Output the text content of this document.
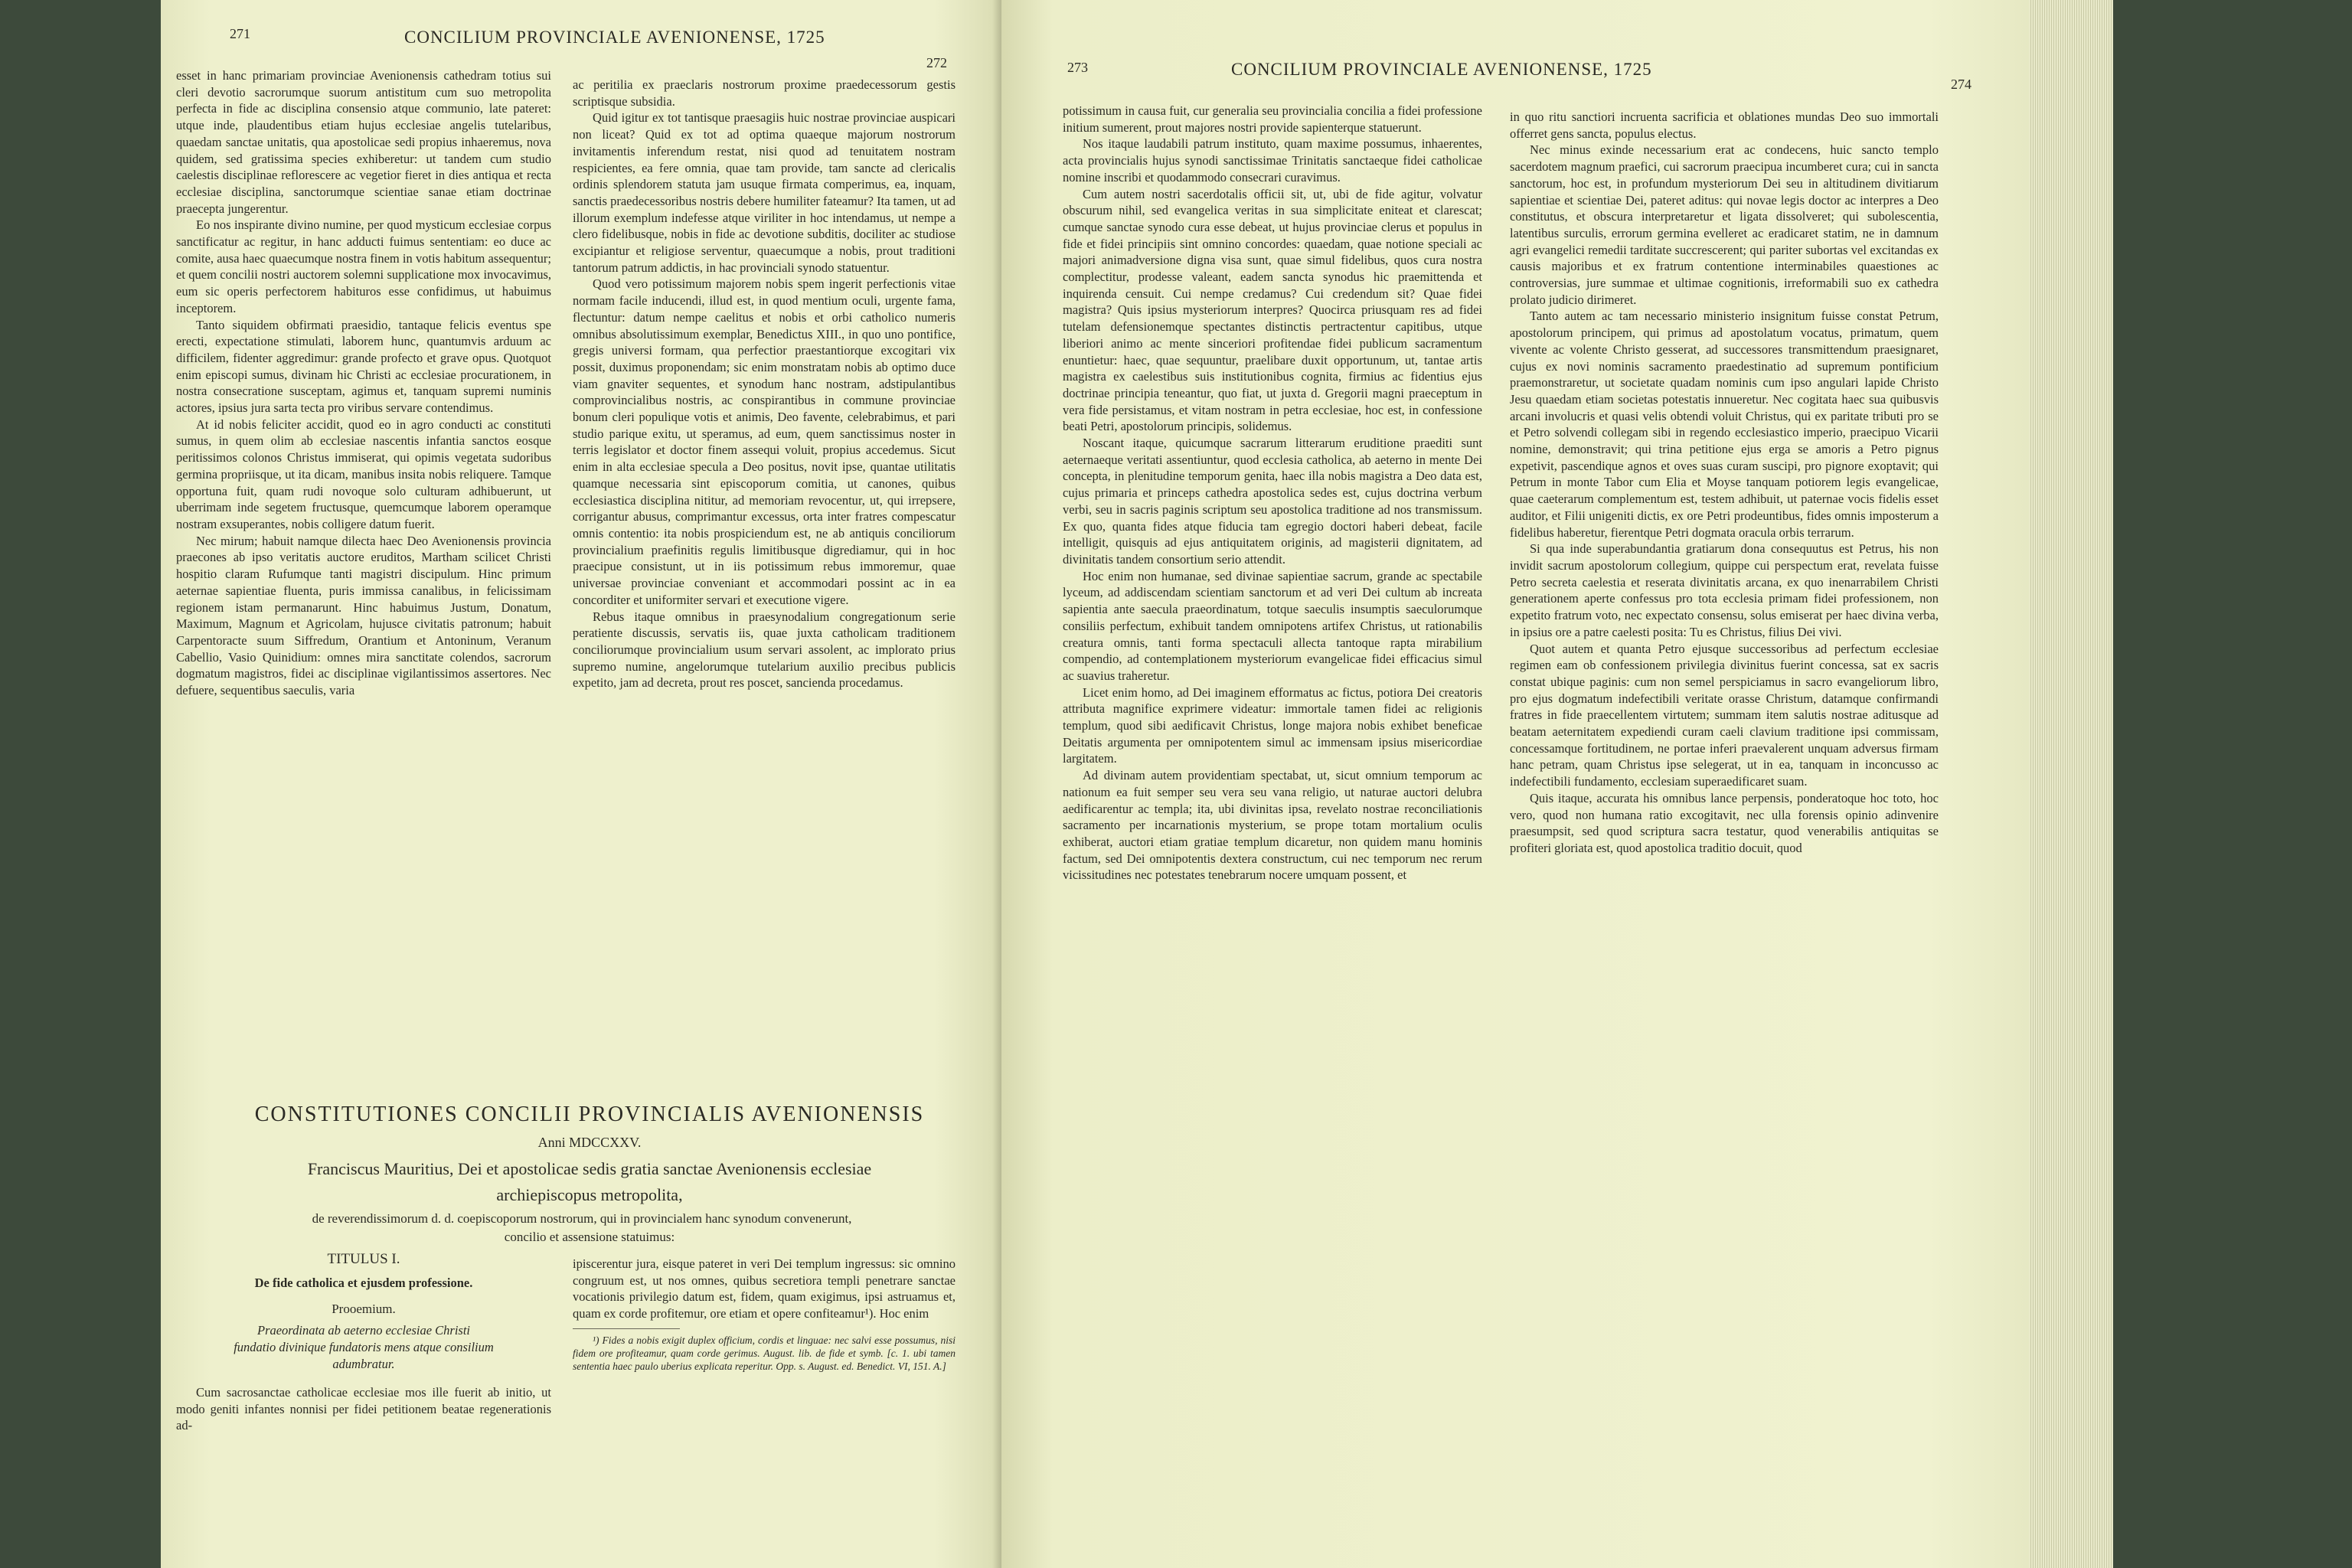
271	CONCILIUM PROVINCIALE AVENIONENSE, 1725
272

esset in hanc primariam provinciae Avenionensis cathedram totius sui cleri devotio sacrorumque suorum antistitum cum suo metropolita perfecta in fide ac disciplina consensio atque communio, late pateret: utque inde, plaudentibus etiam hujus ecclesiae angelis tutelaribus, quaedam sanctae unitatis, qua apostolicae sedi propius inhaeremus, nova quidem, sed gratissima species exhiberetur: ut tandem cum studio caelestis disciplinae reflorescere ac vegetior fieret in dies antiqua et recta ecclesiae disciplina, sanctorumque scientiae sanae etiam doctrinae praecepta jungerentur.

Eo nos inspirante divino numine, per quod mysticum ecclesiae corpus sanctificatur ac regitur, in hanc adducti fuimus sententiam: eo duce ac comite, ausa haec quaecumque nostra finem in votis habitum assequentur; et quem concilii nostri auctorem solemni supplicatione mox invocavimus, eum sic operis perfectorem habituros esse confidimus, ut habuimus inceptorem.

Tanto siquidem obfirmati praesidio, tantaque felicis eventus spe erecti, expectatione stimulati, laborem hunc, quantumvis arduum ac difficilem, fidenter aggredimur: grande profecto et grave opus. Quotquot enim episcopi sumus, divinam hic Christi ac ecclesiae procurationem, in nostra consecratione susceptam, agimus et, tanquam supremi numinis actores, ipsius jura sarta tecta pro viribus servare contendimus.

At id nobis feliciter accidit, quod eo in agro conducti ac constituti sumus, in quem olim ab ecclesiae nascentis infantia sanctos eosque peritissimos colonos Christus immiserat, qui opimis vegetata sudoribus germina propriisque, ut ita dicam, manibus insita nobis reliquere. Tamque opportuna fuit, quam rudi novoque solo culturam adhibuerunt, ut uberrimam inde segetem fructusque, quemcumque laborem operamque nostram exsuperantes, nobis colligere datum fuerit.

Nec mirum; habuit namque dilecta haec Deo Avenionensis provincia praecones ab ipso veritatis auctore eruditos, Martham scilicet Christi hospitio claram Rufumque tanti magistri discipulum. Hinc primum aeternae sapientiae fluenta, puris immissa canalibus, in felicissimam regionem istam permanarunt. Hinc habuimus Justum, Donatum, Maximum, Magnum et Agricolam, hujusce civitatis patronum; habuit Carpentoracte suum Siffredum, Orantium et Antoninum, Veranum Cabellio, Vasio Quinidium: omnes mira sanctitate colendos, sacrorum dogmatum magistros, fidei ac disciplinae vigilantissimos assertores. Nec defuere, sequentibus saeculis, varia

ac peritilia ex praeclaris nostrorum proxime praedecessorum gestis scriptisque subsidia.

Quid igitur ex tot tantisque praesagiis huic nostrae provinciae auspicari non liceat? Quid ex tot ad optima quaeque majorum nostrorum invitamentis inferendum restat, nisi quod ad tenuitatem nostram respicientes, ea fere omnia, quae tam provide, tam sancte ad clericalis ordinis splendorem statuta jam usuque firmata comperimus, ea, inquam, sanctis praedecessoribus nostris debere humiliter fateamur? Ita tamen, ut ad illorum exemplum indefesse atque viriliter in hoc intendamus, ut nempe a clero fidelibusque, nobis in fide ac devotione subditis, dociliter ac studiose excipiantur et religiose serventur, quaecumque a nobis, prout traditioni tantorum patrum addictis, in hac provinciali synodo statuentur.

Quod vero potissimum majorem nobis spem ingerit perfectionis vitae normam facile inducendi, illud est, in quod mentium oculi, urgente fama, flectuntur: datum nempe caelitus et nobis et orbi catholico numeris omnibus absolutissimum exemplar, Benedictus XIII., in quo uno pontifice, gregis universi formam, qua perfectior praestantiorque excogitari vix possit, duximus proponendam; sic enim monstratam nobis ab optimo duce viam gnaviter sequentes, et synodum hanc nostram, adstipulantibus comprovincialibus nostris, ac conspirantibus in commune provinciae bonum cleri populique votis et animis, Deo favente, celebrabimus, et pari studio parique exitu, ut speramus, ad eum, quem sanctissimus noster in terris legislator et doctor finem assequi voluit, propius accedemus. Sicut enim in alta ecclesiae specula a Deo positus, novit ipse, quantae utilitatis quamque necessaria sint episcoporum comitia, ut canones, quibus ecclesiastica disciplina nititur, ad memoriam revocentur, ut, qui irrepsere, corrigantur abusus, comprimantur excessus, orta inter fratres compescatur omnis contentio: ita nobis prospiciendum est, ne ab antiquis conciliorum provincialium praefinitis regulis limitibusque digrediamur, qui in hoc praecipue consistunt, ut in iis potissimum rebus immoremur, quae universae provinciae conveniant et accommodari possint ac in ea concorditer et uniformiter servari et executione vigere.

Rebus itaque omnibus in praesynodalium congregationum serie peratiente discussis, servatis iis, quae juxta catholicam traditionem conciliorumque provincialium usum servari assolent, ac implorato prius supremo numine, angelorumque tutelarium auxilio precibus publicis expetito, jam ad decreta, prout res poscet, sancienda procedamus.

CONSTITUTIONES CONCILII PROVINCIALIS AVENIONENSIS
Anni MDCCXXV.
Franciscus Mauritius, Dei et apostolicae sedis gratia sanctae Avenionensis ecclesiae
archiepiscopus metropolita,
de reverendissimorum d. d. coepiscoporum nostrorum, qui in provincialem hanc synodum convenerunt,
concilio et assensione statuimus:
TITULUS I.
De fide catholica et ejusdem professione.
Prooemium.
Praeordinata ab aeterno ecclesiae Christi
fundatio divinique fundatoris mens atque consilium
adumbratur.

Cum sacrosanctae catholicae ecclesiae mos ille fuerit ab initio, ut modo geniti infantes nonnisi per fidei petitionem beatae regenerationis ad-

ipiscerentur jura, eisque pateret in veri Dei templum ingressus: sic omnino congruum est, ut nos omnes, quibus secretiora templi penetrare sanctae vocationis privilegio datum est, fidem, quam exigimus, ipsi astruamus et, quam ex corde profitemur, ore etiam et opere confiteamur¹). Hoc enim

¹) Fides a nobis exigit duplex officium, cordis et linguae: nec salvi esse possumus, nisi fidem ore profiteamur, quam corde gerimus. August. lib. de fide et symb. [c. 1. ubi tamen sententia haec paulo uberius explicata reperitur. Opp. s. August. ed. Benedict. VI, 151. A.]

273	CONCILIUM PROVINCIALE AVENIONENSE, 1725
274

potissimum in causa fuit, cur generalia seu provincialia concilia a fidei professione initium sumerent, prout majores nostri provide sapienterque statuerunt.

Nos itaque laudabili patrum instituto, quam maxime possumus, inhaerentes, acta provincialis hujus synodi sanctissimae Trinitatis sanctaeque fidei catholicae nomine inscribi et quodammodo consecrari curavimus.

Cum autem nostri sacerdotalis officii sit, ut, ubi de fide agitur, volvatur obscurum nihil, sed evangelica veritas in sua simplicitate eniteat et clarescat; cumque sanctae synodo cura esse debeat, ut hujus provinciae clerus et populus in fide et fidei principiis sint omnino concordes: quaedam, quae notione speciali ac majori animadversione digna visa sunt, quae simul fidelibus, quos cura nostra complectitur, prodesse valeant, eadem sancta synodus hic praemittenda et inquirenda censuit. Cui nempe credamus? Cui credendum sit? Quae fidei magistra? Quis ipsius mysteriorum interpres? Quocirca priusquam res ad fidei tutelam defensionemque spectantes distinctis pertractentur capitibus, utque liberiori animo ac mente sinceriori profitendae fidei publicum sacramentum enuntietur: haec, quae sequuntur, praelibare duxit opportunum, ut, tantae artis magistra ex caelestibus suis institutionibus cognita, firmius ac fidentius ejus doctrinae principia teneantur, quo fiat, ut juxta d. Gregorii magni praeceptum in vera fide persistamus, et vitam nostram in petra ecclesiae, hoc est, in confessione beati Petri, apostolorum principis, solidemus.

Noscant itaque, quicumque sacrarum litterarum eruditione praediti sunt aeternaeque veritati assentiuntur, quod ecclesia catholica, ab aeterno in mente Dei concepta, in plenitudine temporum genita, haec illa nobis magistra a Deo data est, cujus primaria et princeps cathedra apostolica sedes est, cujus doctrina verbum verbi, seu in sacris paginis scriptum seu apostolica traditione ad nos transmissum. Ex quo, quanta fides atque fiducia tam egregio doctori haberi debeat, facile intelligit, quisquis ad ejus antiquitatem originis, ad magisterii dignitatem, ad divinitatis tandem consortium serio attendit.

Hoc enim non humanae, sed divinae sapientiae sacrum, grande ac spectabile lyceum, ad addiscendam scientiam sanctorum et ad veri Dei cultum ab increata sapientia ante saecula praeordinatum, totque saeculis insumptis saeculorumque consiliis perfectum, exhibuit tandem omnipotens artifex Christus, ut rationabilis creatura omnis, tanti forma spectaculi allecta tantoque rapta mirabilium compendio, ad contemplationem mysteriorum evangelicae fidei efficacius simul ac suavius traheretur.

Licet enim homo, ad Dei imaginem efformatus ac fictus, potiora Dei creatoris attributa magnifice exprimere videatur: immortale tamen fidei ac religionis templum, quod sibi aedificavit Christus, longe majora nobis exhibet beneficae Deitatis argumenta per omnipotentem simul ac immensam ipsius misericordiae largitatem.

Ad divinam autem providentiam spectabat, ut, sicut omnium temporum ac nationum ea fuit semper seu vera seu vana religio, ut naturae auctori delubra aedificarentur ac templa; ita, ubi divinitas ipsa, revelato nostrae reconciliationis sacramento per incarnationis mysterium, se prope totam mortalium oculis exhiberat, auctori etiam gratiae templum dicaretur, non quidem manu hominis factum, sed Dei omnipotentis dextera constructum, cui nec temporum nec rerum vicissitudines nec potestates tenebrarum nocere umquam possent, et

in quo ritu sanctiori incruenta sacrificia et oblationes mundas Deo suo immortali offerret gens sancta, populus electus.

Nec minus exinde necessarium erat ac condecens, huic sancto templo sacerdotem magnum praefici, cui sacrorum praecipua incumberet cura; cui in sancta sanctorum, hoc est, in profundum mysteriorum Dei seu in altitudinem divitiarum sapientiae et scientiae Dei, pateret aditus: qui novae legis doctor ac interpres a Deo constitutus, et obscura interpretaretur et ligata dissolveret; qui subolescentia, latentibus surculis, errorum germina evelleret ac eradicaret statim, ne in damnum agri evangelici remedii tarditate succrescerent; qui pariter subortas vel excitandas ex causis majoribus et ex fratrum contentione interminabiles quaestiones ac controversias, jure summae et ultimae cognitionis, irreformabili suo ex cathedra prolato judicio dirimeret.

Tanto autem ac tam necessario ministerio insignitum fuisse constat Petrum, apostolorum principem, qui primus ad apostolatum vocatus, primatum, quem vivente ac volente Christo gesserat, ad successores transmittendum praesignaret, cujus ex novi nominis sacramento praedestinatio ad supremum pontificium praemonstraretur, ut societate quadam nominis cum ipso angulari lapide Christo Jesu quaedam etiam societas potestatis innueretur. Nec cogitata haec sua quibusvis arcani involucris et quasi velis obtendi voluit Christus, qui ex paritate tributi pro se et Petro solvendi collegam sibi in regendo ecclesiastico imperio, praecipuo Vicarii nomine, demonstravit; qui trina petitione ejus erga se amoris a Petro pignus expetivit, pascendique agnos et oves suas curam suscipi, pro pignore exoptavit; qui Petrum in monte Tabor cum Elia et Moyse tanquam potiorem legis evangelicae, quae caeterarum complementum est, testem adhibuit, ut paternae vocis fidelis esset auditor, et Filii unigeniti dictis, ex ore Petri prodeuntibus, fides omnis imposterum a fidelibus haberetur, fierentque Petri dogmata oracula orbis terrarum.

Si qua inde superabundantia gratiarum dona consequutus est Petrus, his non invidit sacrum apostolorum collegium, quippe cui perspectum erat, revelata fuisse Petro secreta caelestia et reserata divinitatis arcana, ex quo inenarrabilem Christi generationem aperte confessus pro tota ecclesia primam fidei professionem, non expetito fratrum voto, nec expectato consensu, solus emiserat per haec divina verba, in ipsius ore a patre caelesti posita: Tu es Christus, filius Dei vivi.

Quot autem et quanta Petro ejusque successoribus ad perfectum ecclesiae regimen eam ob confessionem privilegia divinitus fuerint concessa, sat ex sacris constat ubique paginis: cum non semel perspiciamus in sacro evangeliorum libro, pro ejus dogmatum indefectibili veritate orasse Christum, datamque confirmandi fratres in fide praecellentem virtutem; summam item salutis nostrae aditusque ad beatam aeternitatem expediendi curam caeli clavium traditione ipsi commissam, concessamque fortitudinem, ne portae inferi praevalerent unquam adversus firmam hanc petram, quam Christus ipse selegerat, ut in ea, tanquam in inconcusso ac indefectibili fundamento, ecclesiam superaedificaret suam.

Quis itaque, accurata his omnibus lance perpensis, ponderatoque hoc toto, hoc vero, quod non humana ratio excogitavit, nec ulla forensis opinio adinvenire praesumpsit, sed quod scriptura sacra testatur, quod venerabilis antiquitas se profiteri gloriata est, quod apostolica traditio docuit, quod
